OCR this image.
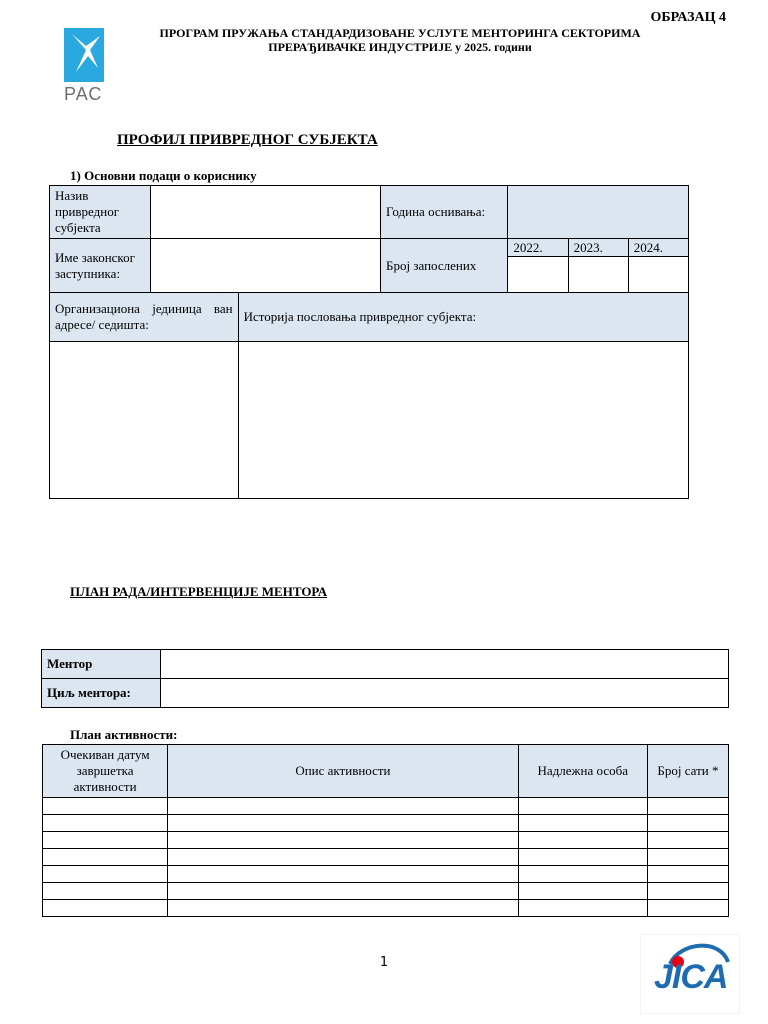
ОБРАЗАЦ 4
ПРОГРАМ ПРУЖАЊА СТАНДАРДИЗОВАНЕ УСЛУГЕ МЕНТОРИНГА СЕКТОРИМА
ПРЕРАЂИВАЧКЕ ИНДУСТРИЈЕ у 2025. години
РАС
ПРОФИЛ ПРИВРЕДНОГ СУБЈЕКТА
1) Основни подаци о кориснику
Назив привредног субјекта			Година оснивања:			
Име законског заступника:			Број запослених	2022.	2023.	2024.

Организациона јединица ван адресе/ седишта:		Историја пословања привредног субјекта:				

ПЛАН РАДА/ИНТЕРВЕНЦИЈЕ МЕНТОРА
Ментор	
Циљ ментора:	
План активности:
Очекиван датум завршетка активности	Опис активности	Надлежна особа	Број сати *

1	JICA
